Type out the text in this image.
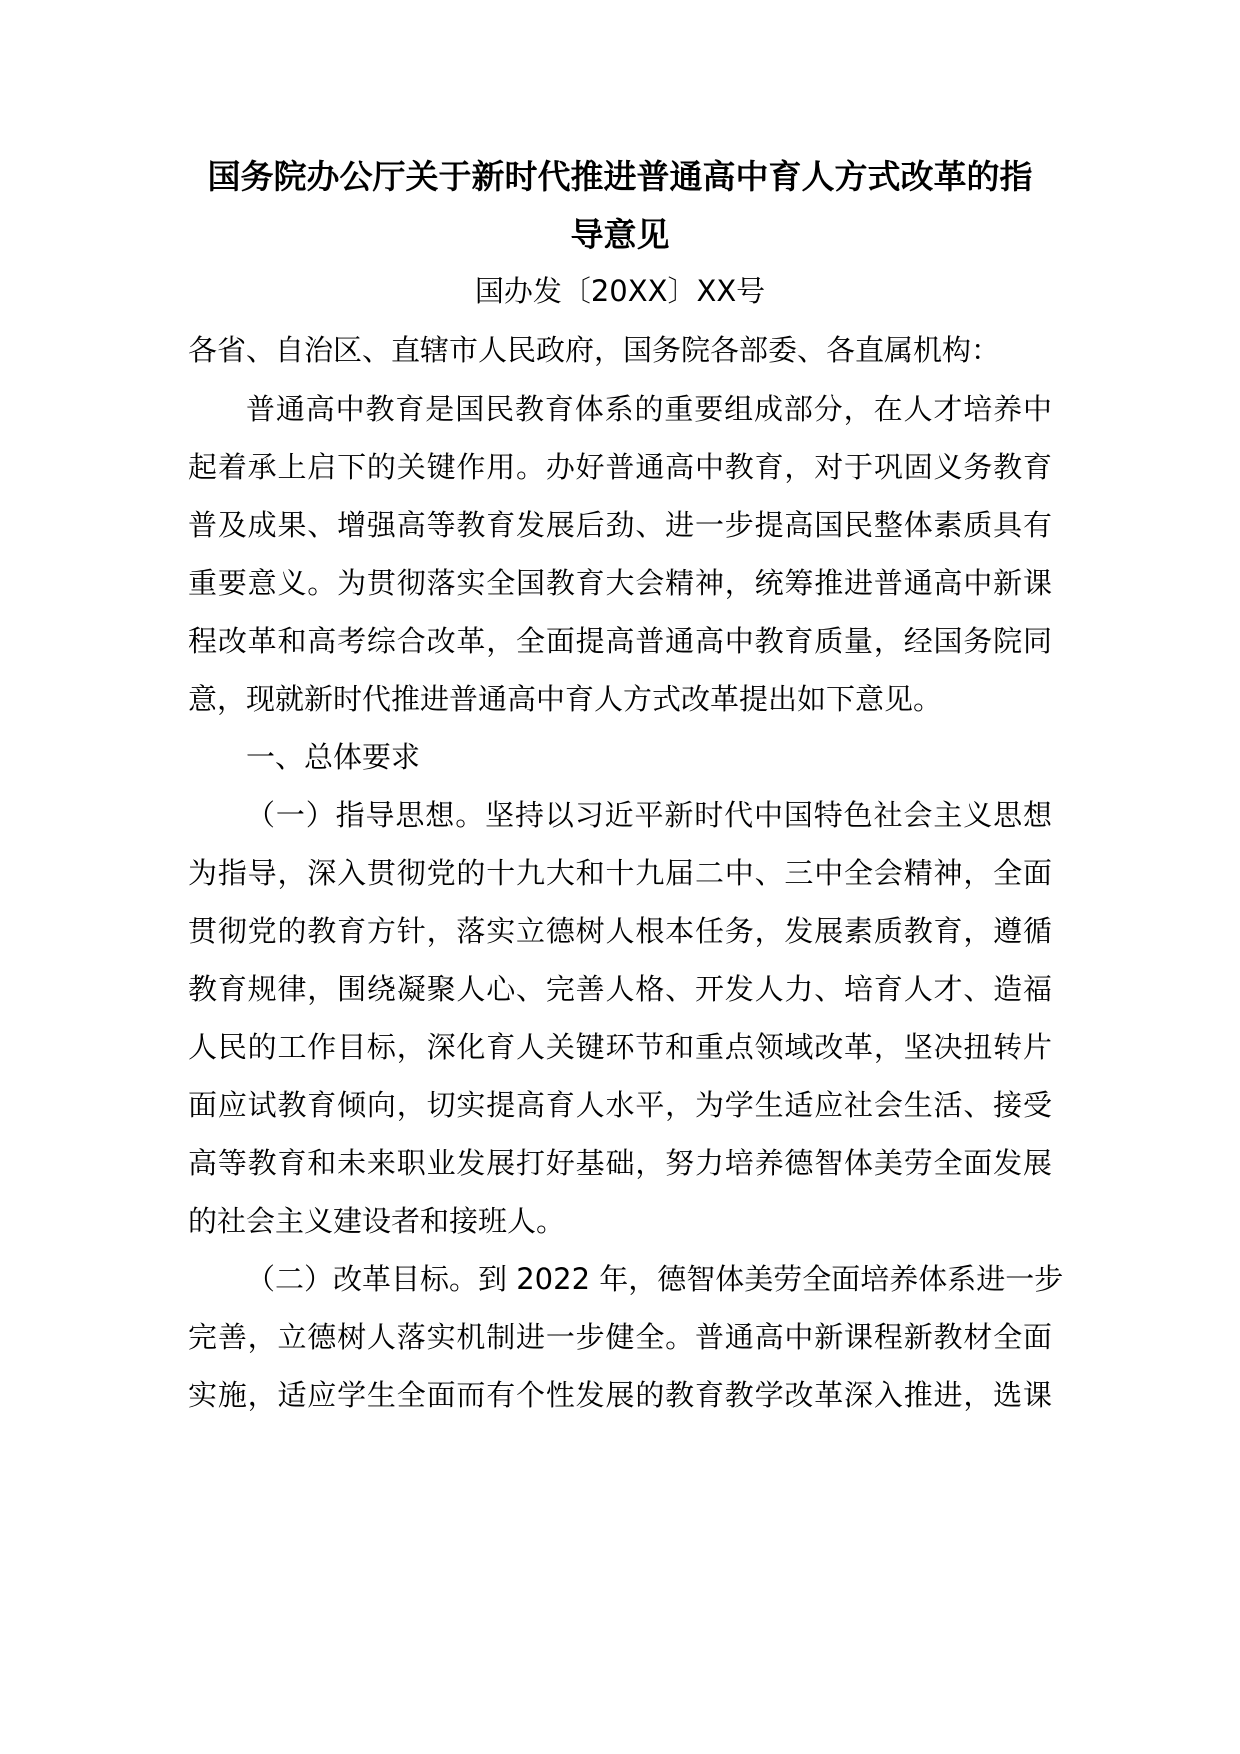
国务院办公厅关于新时代推进普通高中育人方式改革的指
导意见
国办发〔20XX〕XX号
各省、自治区、直辖市人民政府，国务院各部委、各直属机构：
普通高中教育是国民教育体系的重要组成部分，在人才培养中
起着承上启下的关键作用。办好普通高中教育，对于巩固义务教育
普及成果、增强高等教育发展后劲、进一步提高国民整体素质具有
重要意义。为贯彻落实全国教育大会精神，统筹推进普通高中新课
程改革和高考综合改革，全面提高普通高中教育质量，经国务院同
意，现就新时代推进普通高中育人方式改革提出如下意见。
一、总体要求
（一）指导思想。坚持以习近平新时代中国特色社会主义思想
为指导，深入贯彻党的十九大和十九届二中、三中全会精神，全面
贯彻党的教育方针，落实立德树人根本任务，发展素质教育，遵循
教育规律，围绕凝聚人心、完善人格、开发人力、培育人才、造福
人民的工作目标，深化育人关键环节和重点领域改革，坚决扭转片
面应试教育倾向，切实提高育人水平，为学生适应社会生活、接受
高等教育和未来职业发展打好基础，努力培养德智体美劳全面发展
的社会主义建设者和接班人。
（二）改革目标。到 2022 年，德智体美劳全面培养体系进一步
完善，立德树人落实机制进一步健全。普通高中新课程新教材全面
实施，适应学生全面而有个性发展的教育教学改革深入推进，选课
